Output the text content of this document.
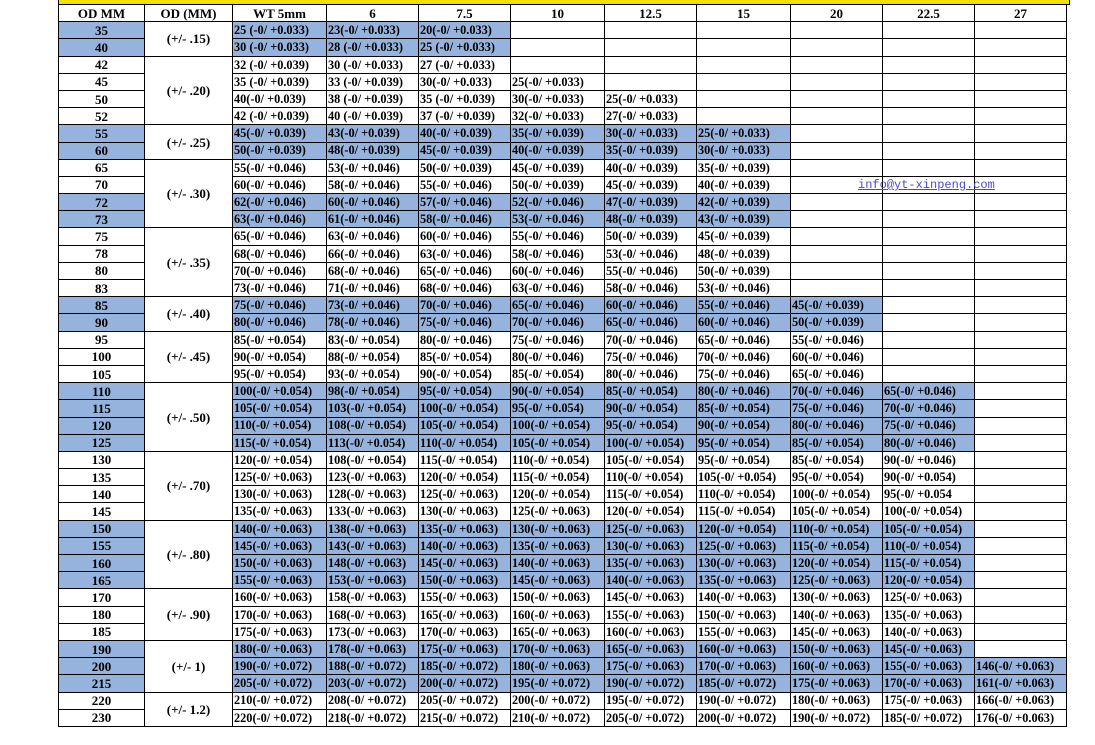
OD MM	OD (MM)	WT 5mm	6	7.5	10	12.5	15	20	22.5	27
35	(+/- .15)	25 (-0/ +0.033)	23(-0/ +0.033)	20(-0/ +0.033)						
40		30 (-0/ +0.033)	28 (-0/ +0.033)	25 (-0/ +0.033)						
42	(+/- .20)	32 (-0/ +0.039)	30 (-0/ +0.033)	27 (-0/ +0.033)						
45		35 (-0/ +0.039)	33 (-0/ +0.039)	30(-0/ +0.033)	25(-0/ +0.033)					
50		40(-0/ +0.039)	38 (-0/ +0.039)	35 (-0/ +0.039)	30(-0/ +0.033)	25(-0/ +0.033)				
52		42 (-0/ +0.039)	40 (-0/ +0.039)	37 (-0/ +0.039)	32(-0/ +0.033)	27(-0/ +0.033)				
55	(+/- .25)	45(-0/ +0.039)	43(-0/ +0.039)	40(-0/ +0.039)	35(-0/ +0.039)	30(-0/ +0.033)	25(-0/ +0.033)			
60		50(-0/ +0.039)	48(-0/ +0.039)	45(-0/ +0.039)	40(-0/ +0.039)	35(-0/ +0.039)	30(-0/ +0.033)			
65	(+/- .30)	55(-0/ +0.046)	53(-0/ +0.046)	50(-0/ +0.039)	45(-0/ +0.039)	40(-0/ +0.039)	35(-0/ +0.039)			
70		60(-0/ +0.046)	58(-0/ +0.046)	55(-0/ +0.046)	50(-0/ +0.039)	45(-0/ +0.039)	40(-0/ +0.039)			
72		62(-0/ +0.046)	60(-0/ +0.046)	57(-0/ +0.046)	52(-0/ +0.046)	47(-0/ +0.039)	42(-0/ +0.039)			
73		63(-0/ +0.046)	61(-0/ +0.046)	58(-0/ +0.046)	53(-0/ +0.046)	48(-0/ +0.039)	43(-0/ +0.039)			
75	(+/- .35)	65(-0/ +0.046)	63(-0/ +0.046)	60(-0/ +0.046)	55(-0/ +0.046)	50(-0/ +0.039)	45(-0/ +0.039)			
78		68(-0/ +0.046)	66(-0/ +0.046)	63(-0/ +0.046)	58(-0/ +0.046)	53(-0/ +0.046)	48(-0/ +0.039)			
80		70(-0/ +0.046)	68(-0/ +0.046)	65(-0/ +0.046)	60(-0/ +0.046)	55(-0/ +0.046)	50(-0/ +0.039)			
83		73(-0/ +0.046)	71(-0/ +0.046)	68(-0/ +0.046)	63(-0/ +0.046)	58(-0/ +0.046)	53(-0/ +0.046)			
85	(+/- .40)	75(-0/ +0.046)	73(-0/ +0.046)	70(-0/ +0.046)	65(-0/ +0.046)	60(-0/ +0.046)	55(-0/ +0.046)	45(-0/ +0.039)		
90		80(-0/ +0.046)	78(-0/ +0.046)	75(-0/ +0.046)	70(-0/ +0.046)	65(-0/ +0.046)	60(-0/ +0.046)	50(-0/ +0.039)		
95	(+/- .45)	85(-0/ +0.054)	83(-0/ +0.054)	80(-0/ +0.046)	75(-0/ +0.046)	70(-0/ +0.046)	65(-0/ +0.046)	55(-0/ +0.046)		
100		90(-0/ +0.054)	88(-0/ +0.054)	85(-0/ +0.054)	80(-0/ +0.046)	75(-0/ +0.046)	70(-0/ +0.046)	60(-0/ +0.046)		
105		95(-0/ +0.054)	93(-0/ +0.054)	90(-0/ +0.054)	85(-0/ +0.054)	80(-0/ +0.046)	75(-0/ +0.046)	65(-0/ +0.046)		
110	(+/- .50)	100(-0/ +0.054)	98(-0/ +0.054)	95(-0/ +0.054)	90(-0/ +0.054)	85(-0/ +0.054)	80(-0/ +0.046)	70(-0/ +0.046)	65(-0/ +0.046)	
115		105(-0/ +0.054)	103(-0/ +0.054)	100(-0/ +0.054)	95(-0/ +0.054)	90(-0/ +0.054)	85(-0/ +0.054)	75(-0/ +0.046)	70(-0/ +0.046)	
120		110(-0/ +0.054)	108(-0/ +0.054)	105(-0/ +0.054)	100(-0/ +0.054)	95(-0/ +0.054)	90(-0/ +0.054)	80(-0/ +0.046)	75(-0/ +0.046)	
125		115(-0/ +0.054)	113(-0/ +0.054)	110(-0/ +0.054)	105(-0/ +0.054)	100(-0/ +0.054)	95(-0/ +0.054)	85(-0/ +0.054)	80(-0/ +0.046)	
130	(+/- .70)	120(-0/ +0.054)	108(-0/ +0.054)	115(-0/ +0.054)	110(-0/ +0.054)	105(-0/ +0.054)	95(-0/ +0.054)	85(-0/ +0.054)	90(-0/ +0.046)	
135		125(-0/ +0.063)	123(-0/ +0.063)	120(-0/ +0.054)	115(-0/ +0.054)	110(-0/ +0.054)	105(-0/ +0.054)	95(-0/ +0.054)	90(-0/ +0.054)	
140		130(-0/ +0.063)	128(-0/ +0.063)	125(-0/ +0.063)	120(-0/ +0.054)	115(-0/ +0.054)	110(-0/ +0.054)	100(-0/ +0.054)	95(-0/ +0.054	
145		135(-0/ +0.063)	133(-0/ +0.063)	130(-0/ +0.063)	125(-0/ +0.063)	120(-0/ +0.054)	115(-0/ +0.054)	105(-0/ +0.054)	100(-0/ +0.054)	
150	(+/- .80)	140(-0/ +0.063)	138(-0/ +0.063)	135(-0/ +0.063)	130(-0/ +0.063)	125(-0/ +0.063)	120(-0/ +0.054)	110(-0/ +0.054)	105(-0/ +0.054)	
155		145(-0/ +0.063)	143(-0/ +0.063)	140(-0/ +0.063)	135(-0/ +0.063)	130(-0/ +0.063)	125(-0/ +0.063)	115(-0/ +0.054)	110(-0/ +0.054)	
160		150(-0/ +0.063)	148(-0/ +0.063)	145(-0/ +0.063)	140(-0/ +0.063)	135(-0/ +0.063)	130(-0/ +0.063)	120(-0/ +0.054)	115(-0/ +0.054)	
165		155(-0/ +0.063)	153(-0/ +0.063)	150(-0/ +0.063)	145(-0/ +0.063)	140(-0/ +0.063)	135(-0/ +0.063)	125(-0/ +0.063)	120(-0/ +0.054)	
170	(+/- .90)	160(-0/ +0.063)	158(-0/ +0.063)	155(-0/ +0.063)	150(-0/ +0.063)	145(-0/ +0.063)	140(-0/ +0.063)	130(-0/ +0.063)	125(-0/ +0.063)	
180		170(-0/ +0.063)	168(-0/ +0.063)	165(-0/ +0.063)	160(-0/ +0.063)	155(-0/ +0.063)	150(-0/ +0.063)	140(-0/ +0.063)	135(-0/ +0.063)	
185		175(-0/ +0.063)	173(-0/ +0.063)	170(-0/ +0.063)	165(-0/ +0.063)	160(-0/ +0.063)	155(-0/ +0.063)	145(-0/ +0.063)	140(-0/ +0.063)	
190	(+/- 1)	180(-0/ +0.063)	178(-0/ +0.063)	175(-0/ +0.063)	170(-0/ +0.063)	165(-0/ +0.063)	160(-0/ +0.063)	150(-0/ +0.063)	145(-0/ +0.063)	
200		190(-0/ +0.072)	188(-0/ +0.072)	185(-0/ +0.072)	180(-0/ +0.063)	175(-0/ +0.063)	170(-0/ +0.063)	160(-0/ +0.063)	155(-0/ +0.063)	146(-0/ +0.063)
215		205(-0/ +0.072)	203(-0/ +0.072)	200(-0/ +0.072)	195(-0/ +0.072)	190(-0/ +0.072)	185(-0/ +0.072)	175(-0/ +0.063)	170(-0/ +0.063)	161(-0/ +0.063)
220	(+/- 1.2)	210(-0/ +0.072)	208(-0/ +0.072)	205(-0/ +0.072)	200(-0/ +0.072)	195(-0/ +0.072)	190(-0/ +0.072)	180(-0/ +0.063)	175(-0/ +0.063)	166(-0/ +0.063)
230		220(-0/ +0.072)	218(-0/ +0.072)	215(-0/ +0.072)	210(-0/ +0.072)	205(-0/ +0.072)	200(-0/ +0.072)	190(-0/ +0.072)	185(-0/ +0.072)	176(-0/ +0.063)
info@yt-xinpeng.com
